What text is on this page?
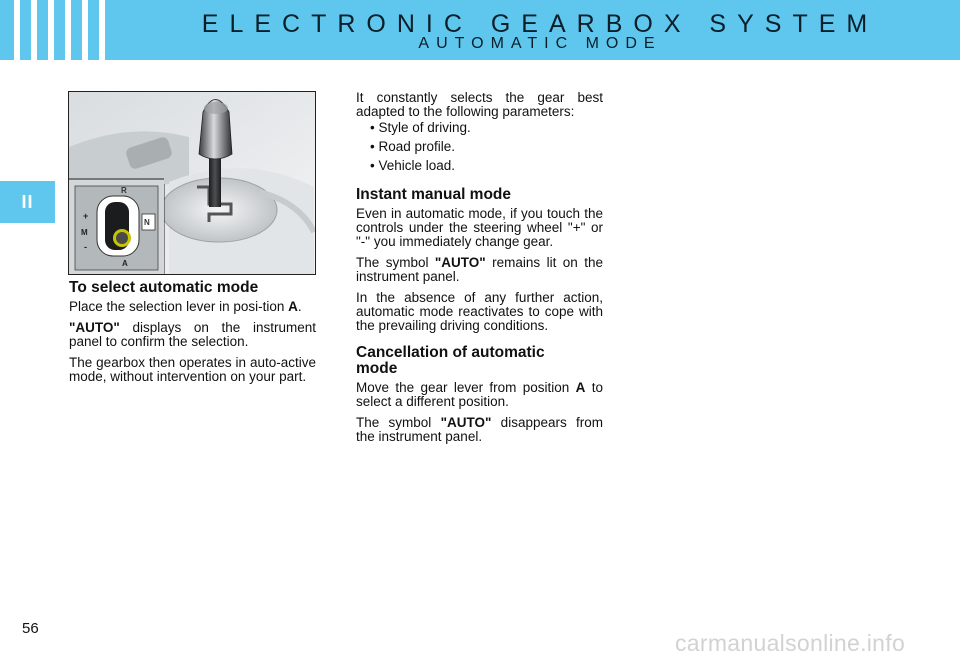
ELECTRONIC GEARBOX SYSTEM
AUTOMATIC MODE
II
R
N
+
M
-
A
To select automatic mode

Place the selection lever in posi-tion A.

"AUTO" displays on the instrument panel to confirm the selection.

The gearbox then operates in auto-active mode, without intervention on your part.

It constantly selects the gear best adapted to the following parameters:

• Style of driving.
• Road profile.
• Vehicle load.
Instant manual mode

Even in automatic mode, if you touch the controls under the steering wheel "+" or "-" you immediately change gear.

The symbol "AUTO" remains lit on the instrument panel.

In the absence of any further action, automatic mode reactivates to cope with the prevailing driving conditions.

Cancellation of automatic mode

Move the gear lever from position A to select a different position.

The symbol "AUTO" disappears from the instrument panel.

56
carmanualsonline.info
